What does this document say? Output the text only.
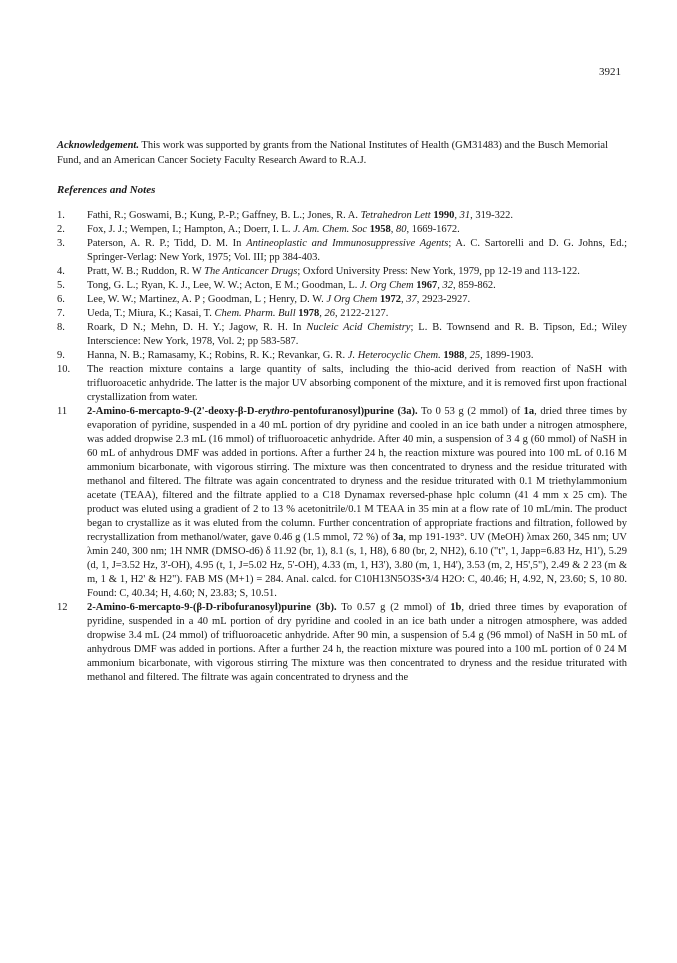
3921
Acknowledgement. This work was supported by grants from the National Institutes of Health (GM31483) and the Busch Memorial Fund, and an American Cancer Society Faculty Research Award to R.A.J.
References and Notes
1.	Fathi, R.; Goswami, B.; Kung, P.-P.; Gaffney, B. L.; Jones, R. A. Tetrahedron Lett 1990, 31, 319-322.
2.	Fox, J. J.; Wempen, I.; Hampton, A.; Doerr, I. L. J. Am. Chem. Soc 1958, 80, 1669-1672.
3.	Paterson, A. R. P.; Tidd, D. M. In Antineoplastic and Immunosuppressive Agents; A. C. Sartorelli and D. G. Johns, Ed.; Springer-Verlag: New York, 1975; Vol. III; pp 384-403.
4.	Pratt, W. B.; Ruddon, R. W The Anticancer Drugs; Oxford University Press: New York, 1979, pp 12-19 and 113-122.
5.	Tong, G. L.; Ryan, K. J., Lee, W. W.; Acton, E M.; Goodman, L. J. Org Chem 1967, 32, 859-862.
6.	Lee, W. W.; Martinez, A. P ; Goodman, L ; Henry, D. W. J Org Chem 1972, 37, 2923-2927.
7.	Ueda, T.; Miura, K.; Kasai, T. Chem. Pharm. Bull 1978, 26, 2122-2127.
8.	Roark, D N.; Mehn, D. H. Y.; Jagow, R. H. In Nucleic Acid Chemistry; L. B. Townsend and R. B. Tipson, Ed.; Wiley Interscience: New York, 1978, Vol. 2; pp 583-587.
9.	Hanna, N. B.; Ramasamy, K.; Robins, R. K.; Revankar, G. R. J. Heterocyclic Chem. 1988, 25, 1899-1903.
10.	The reaction mixture contains a large quantity of salts, including the thio-acid derived from reaction of NaSH with trifluoroacetic anhydride. The latter is the major UV absorbing component of the mixture, and it is removed first upon fractional crystallization from water.
11	2-Amino-6-mercapto-9-(2'-deoxy-β-D-erythro-pentofuranosyl)purine (3a). To 0 53 g (2 mmol) of 1a, dried three times by evaporation of pyridine, suspended in a 40 mL portion of dry pyridine and cooled in an ice bath under a nitrogen atmosphere, was added dropwise 2.3 mL (16 mmol) of trifluoroacetic anhydride. After 40 min, a suspension of 3 4 g (60 mmol) of NaSH in 60 mL of anhydrous DMF was added in portions. After a further 24 h, the reaction mixture was poured into 100 mL of 0.16 M ammonium bicarbonate, with vigorous stirring. The mixture was then concentrated to dryness and the residue triturated with methanol and filtered. The filtrate was again concentrated to dryness and the residue triturated with 0.1 M triethylammonium acetate (TEAA), filtered and the filtrate applied to a C18 Dynamax reversed-phase hplc column (41 4 mm x 25 cm). The product was eluted using a gradient of 2 to 13 % acetonitrile/0.1 M TEAA in 35 min at a flow rate of 10 mL/min. The product began to crystallize as it was eluted from the column. Further concentration of appropriate fractions and filtration, followed by recrystallization from methanol/water, gave 0.46 g (1.5 mmol, 72 %) of 3a, mp 191-193°. UV (MeOH) λmax 260, 345 nm; UV λmin 240, 300 nm; 1H NMR (DMSO-d6) δ 11.92 (br, 1), 8.1 (s, 1, H8), 6 80 (br, 2, NH2), 6.10 ("t", 1, Japp=6.83 Hz, H1'), 5.29 (d, 1, J=3.52 Hz, 3'-OH), 4.95 (t, 1, J=5.02 Hz, 5'-OH), 4.33 (m, 1, H3'), 3.80 (m, 1, H4'), 3.53 (m, 2, H5',5"), 2.49 & 2 23 (m & m, 1 & 1, H2' & H2"). FAB MS (M+1) = 284. Anal. calcd. for C10H13N5O3S•3/4 H2O: C, 40.46; H, 4.92, N, 23.60; S, 10 80. Found: C, 40.34; H, 4.60; N, 23.83; S, 10.51.
12	2-Amino-6-mercapto-9-(β-D-ribofuranosyl)purine (3b). To 0.57 g (2 mmol) of 1b, dried three times by evaporation of pyridine, suspended in a 40 mL portion of dry pyridine and cooled in an ice bath under a nitrogen atmosphere, was added dropwise 3.4 mL (24 mmol) of trifluoroacetic anhydride. After 90 min, a suspension of 5.4 g (96 mmol) of NaSH in 50 mL of anhydrous DMF was added in portions. After a further 24 h, the reaction mixture was poured into a 100 mL portion of 0 24 M ammonium bicarbonate, with vigorous stirring The mixture was then concentrated to dryness and the residue triturated with methanol and filtered. The filtrate was again concentrated to dryness and the
